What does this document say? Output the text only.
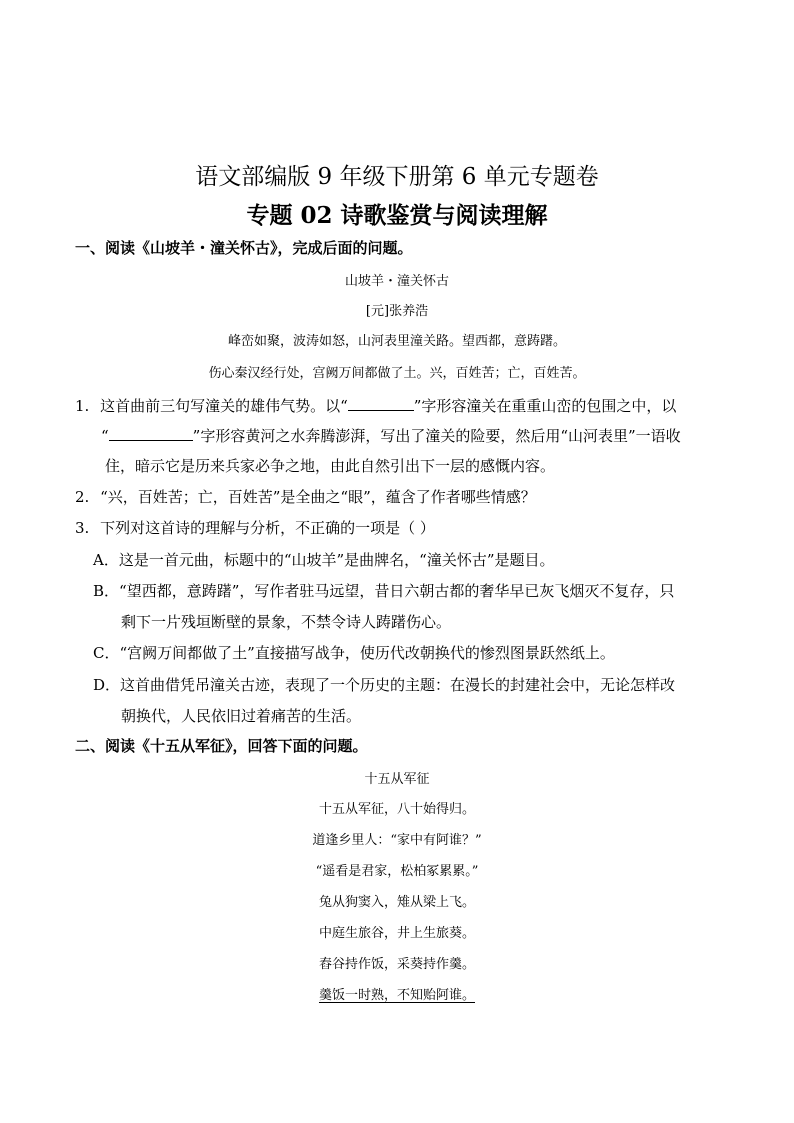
语文部编版 9 年级下册第 6 单元专题卷
专题 02 诗歌鉴赏与阅读理解
一、阅读《山坡羊・潼关怀古》，完成后面的问题。
山坡羊・潼关怀古
[元]张养浩
峰峦如聚，波涛如怒，山河表里潼关路。望西都，意踌躇。
伤心秦汉经行处，宫阙万间都做了土。兴，百姓苦；亡，百姓苦。
1. 这首曲前三句写潼关的雄伟气势。以“	”字形容潼关在重重山峦的包围之中，以
“	”字形容黄河之水奔腾澎湃，写出了潼关的险要，然后用“山河表里”一语收
住，暗示它是历来兵家必争之地，由此自然引出下一层的感慨内容。
2. “兴，百姓苦；亡，百姓苦”是全曲之“眼”，蕴含了作者哪些情感？
3. 下列对这首诗的理解与分析，不正确的一项是（ ）
A．这是一首元曲，标题中的“山坡羊”是曲牌名，“潼关怀古”是题目。
B．“望西都，意踌躇”，写作者驻马远望，昔日六朝古都的奢华早已灰飞烟灭不复存，只
剩下一片残垣断壁的景象，不禁令诗人踌躇伤心。
C．“宫阙万间都做了土”直接描写战争，使历代改朝换代的惨烈图景跃然纸上。
D．这首曲借凭吊潼关古迹，表现了一个历史的主题：在漫长的封建社会中，无论怎样改
朝换代，人民依旧过着痛苦的生活。
二、阅读《十五从军征》，回答下面的问题。
十五从军征
十五从军征，八十始得归。
道逢乡里人：“家中有阿谁？”
“遥看是君家，松柏冢累累。”
兔从狗窦入，雉从梁上飞。
中庭生旅谷，井上生旅葵。
舂谷持作饭，采葵持作羹。
羹饭一时熟，不知贻阿谁。
